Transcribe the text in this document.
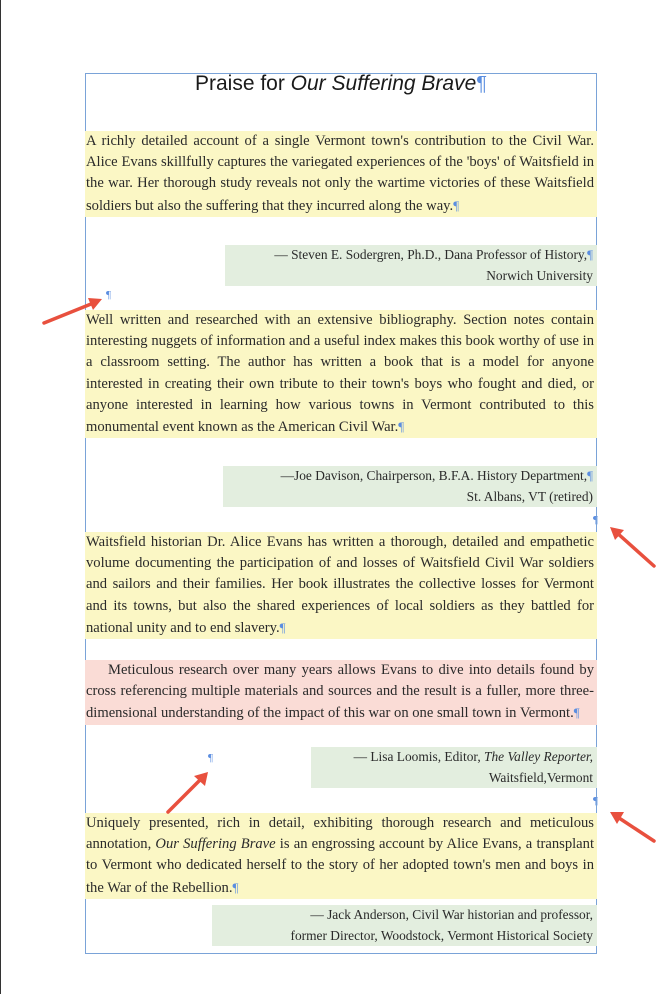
Praise for Our Suffering Brave¶
A richly detailed account of a single Vermont town's contribution to the Civil War. Alice Evans skillfully captures the variegated experiences of the 'boys' of Waitsfield in the war. Her thorough study reveals not only the wartime victories of these Waitsfield soldiers but also the suffering that they incurred along the way.¶
— Steven E. Sodergren, Ph.D., Dana Professor of History,¶
Norwich University
¶
Well written and researched with an extensive bibliography. Section notes contain interesting nuggets of information and a useful index makes this book worthy of use in a classroom setting. The author has written a book that is a model for anyone interested in creating their own tribute to their town's boys who fought and died, or anyone interested in learning how various towns in Vermont contributed to this monumental event known as the American Civil War.¶
—Joe Davison, Chairperson, B.F.A. History Department,¶
St. Albans, VT (retired)
¶
Waitsfield historian Dr. Alice Evans has written a thorough, detailed and empathetic volume documenting the participation of and losses of Waitsfield Civil War soldiers and sailors and their families. Her book illustrates the collective losses for Vermont and its towns, but also the shared experiences of local soldiers as they battled for national unity and to end slavery.¶
Meticulous research over many years allows Evans to dive into details found by cross referencing multiple materials and sources and the result is a fuller, more three-dimensional understanding of the impact of this war on one small town in Vermont.¶
— Lisa Loomis, Editor, The Valley Reporter,
Waitsfield,Vermont
¶
¶
Uniquely presented, rich in detail, exhibiting thorough research and meticulous annotation, Our Suffering Brave is an engrossing account by Alice Evans, a transplant to Vermont who dedicated herself to the story of her adopted town's men and boys in the War of the Rebellion.¶
— Jack Anderson, Civil War historian and professor,
former Director, Woodstock, Vermont Historical Society
